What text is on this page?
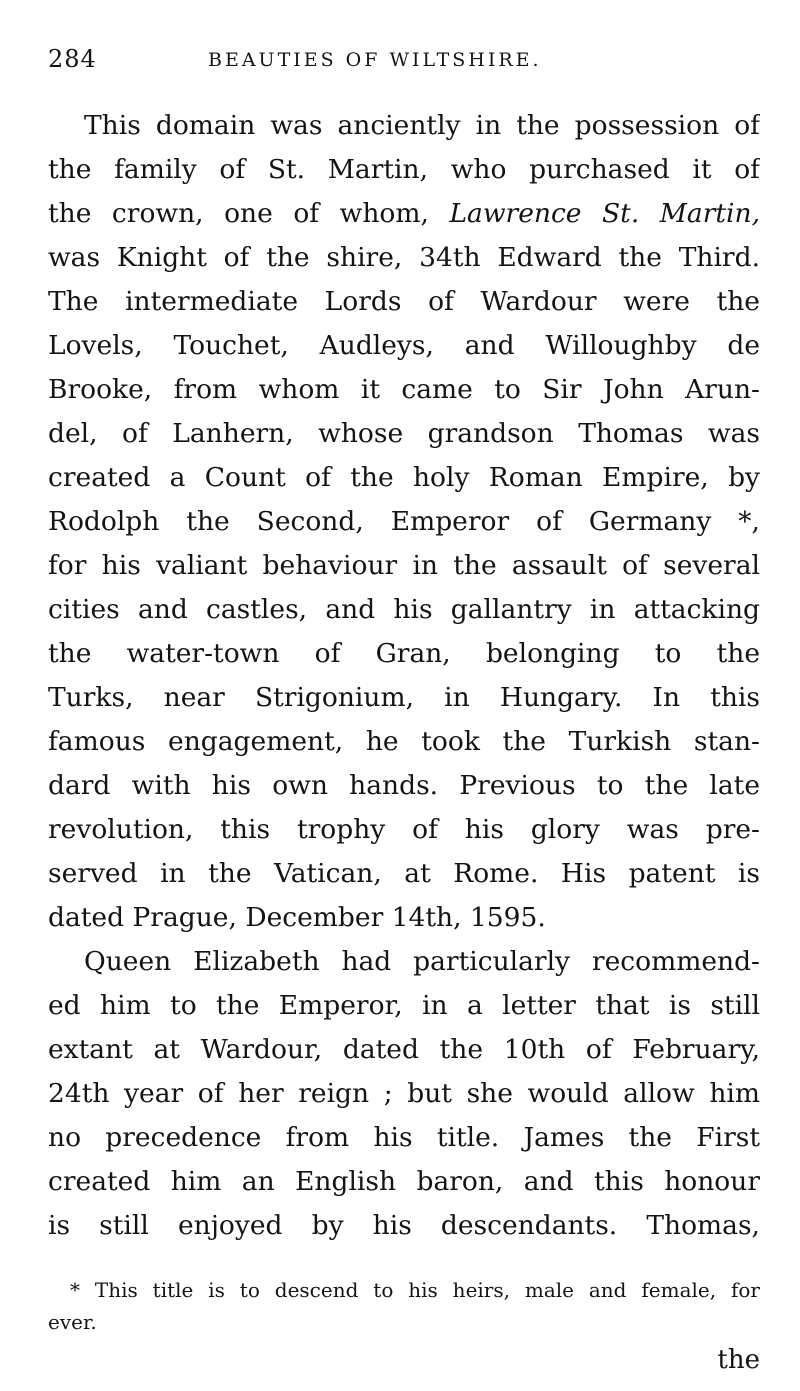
284	BEAUTIES OF WILTSHIRE.
This domain was anciently in the possession of
the family of St. Martin, who purchased it of
the crown, one of whom, Lawrence St. Martin,
was Knight of the shire, 34th Edward the Third.
The intermediate Lords of Wardour were the
Lovels, Touchet, Audleys, and Willoughby de
Brooke, from whom it came to Sir John Arun-
del, of Lanhern, whose grandson Thomas was
created a Count of the holy Roman Empire, by
Rodolph the Second, Emperor of Germany *,
for his valiant behaviour in the assault of several
cities and castles, and his gallantry in attacking
the water-town of Gran, belonging to the
Turks, near Strigonium, in Hungary. In this
famous engagement, he took the Turkish stan-
dard with his own hands. Previous to the late
revolution, this trophy of his glory was pre-
served in the Vatican, at Rome. His patent is
dated Prague, December 14th, 1595.
Queen Elizabeth had particularly recommend-
ed him to the Emperor, in a letter that is still
extant at Wardour, dated the 10th of February,
24th year of her reign ; but she would allow him
no precedence from his title. James the First
created him an English baron, and this honour
is still enjoyed by his descendants. Thomas,
* This title is to descend to his heirs, male and female, for
ever.
the
